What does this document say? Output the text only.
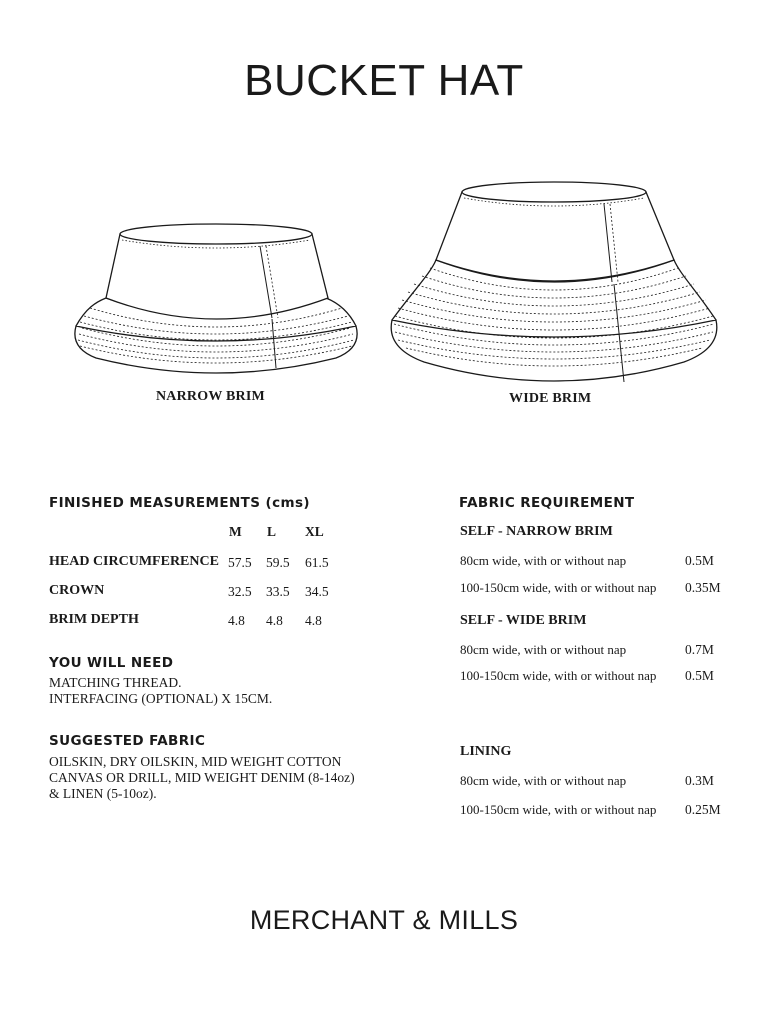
BUCKET HAT
NARROW BRIM	WIDE BRIM
FINISHED MEASUREMENTS (cms)
M L XL
HEAD CIRCUMFERENCE 57.5 59.5 61.5
CROWN	32.5 33.5 34.5
BRIM DEPTH	4.8 4.8 4.8
YOU WILL NEED
MATCHING THREAD.
INTERFACING (OPTIONAL) X 15CM.
SUGGESTED FABRIC
OILSKIN, DRY OILSKIN, MID WEIGHT COTTON
CANVAS OR DRILL, MID WEIGHT DENIM (8-14oz)
& LINEN (5-10oz).
FABRIC REQUIREMENT
SELF - NARROW BRIM
80cm wide, with or without nap	0.5M
100-150cm wide, with or without nap 0.35M
SELF - WIDE BRIM
80cm wide, with or without nap	0.7M
100-150cm wide, with or without nap 0.5M
LINING
80cm wide, with or without nap	0.3M
100-150cm wide, with or without nap 0.25M
MERCHANT & MILLS
